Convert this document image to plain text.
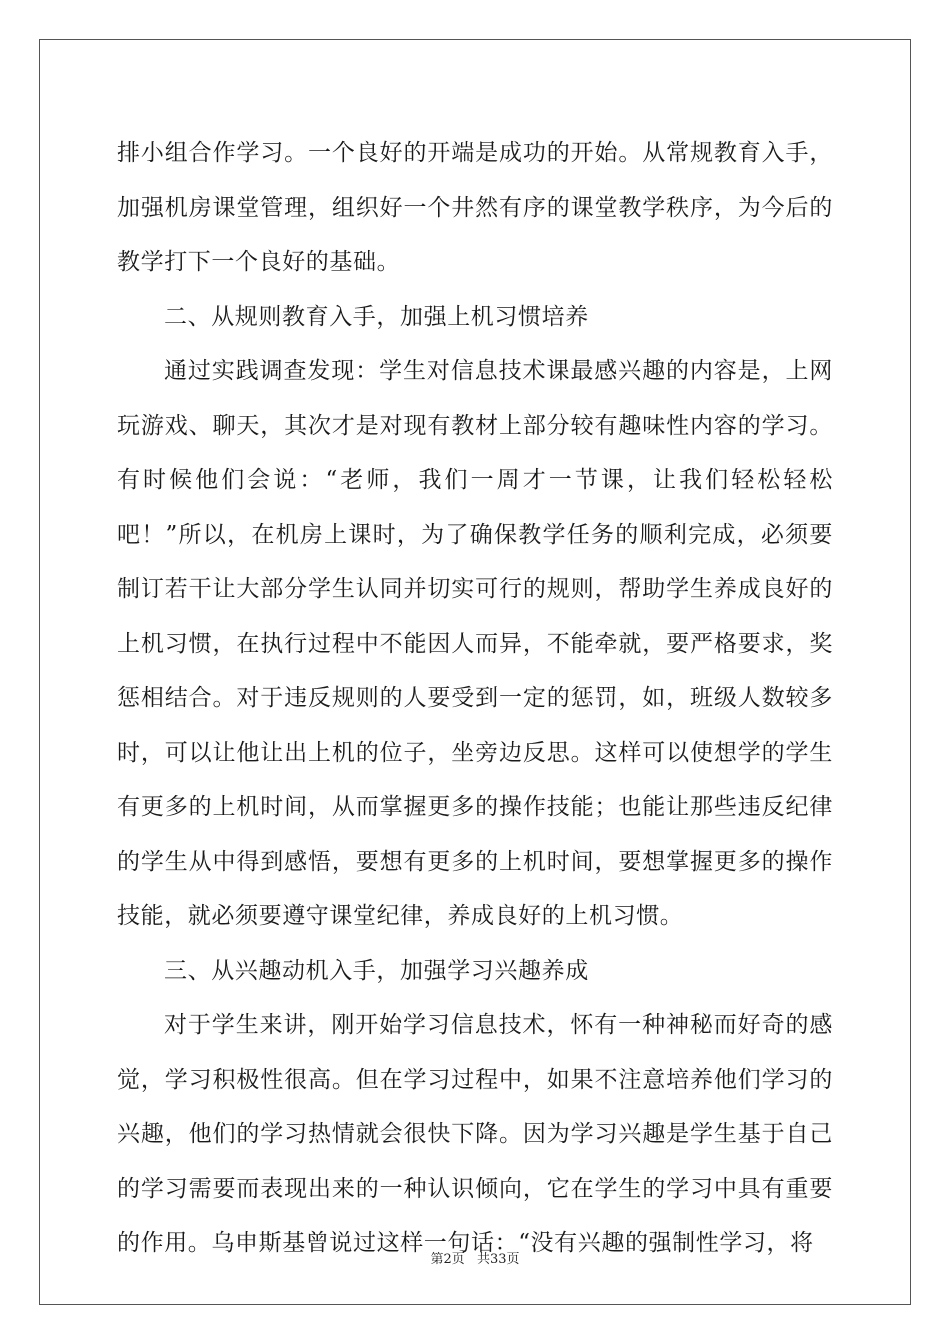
排小组合作学习。一个良好的开端是成功的开始。从常规教育入手，加强机房课堂管理，组织好一个井然有序的课堂教学秩序，为今后的教学打下一个良好的基础。

二、从规则教育入手，加强上机习惯培养

通过实践调查发现：学生对信息技术课最感兴趣的内容是，上网玩游戏、聊天，其次才是对现有教材上部分较有趣味性内容的学习。有时候他们会说：“老师，我们一周才一节课，让我们轻松轻松吧！”所以，在机房上课时，为了确保教学任务的顺利完成，必须要制订若干让大部分学生认同并切实可行的规则，帮助学生养成良好的上机习惯，在执行过程中不能因人而异，不能牵就，要严格要求，奖惩相结合。对于违反规则的人要受到一定的惩罚，如，班级人数较多时，可以让他让出上机的位子，坐旁边反思。这样可以使想学的学生有更多的上机时间，从而掌握更多的操作技能；也能让那些违反纪律的学生从中得到感悟，要想有更多的上机时间，要想掌握更多的操作技能，就必须要遵守课堂纪律，养成良好的上机习惯。

三、从兴趣动机入手，加强学习兴趣养成

对于学生来讲，刚开始学习信息技术，怀有一种神秘而好奇的感觉，学习积极性很高。但在学习过程中，如果不注意培养他们学习的兴趣，他们的学习热情就会很快下降。因为学习兴趣是学生基于自己的学习需要而表现出来的一种认识倾向，它在学生的学习中具有重要的作用。乌申斯基曾说过这样一句话：“没有兴趣的强制性学习，将

第2页 共33页
